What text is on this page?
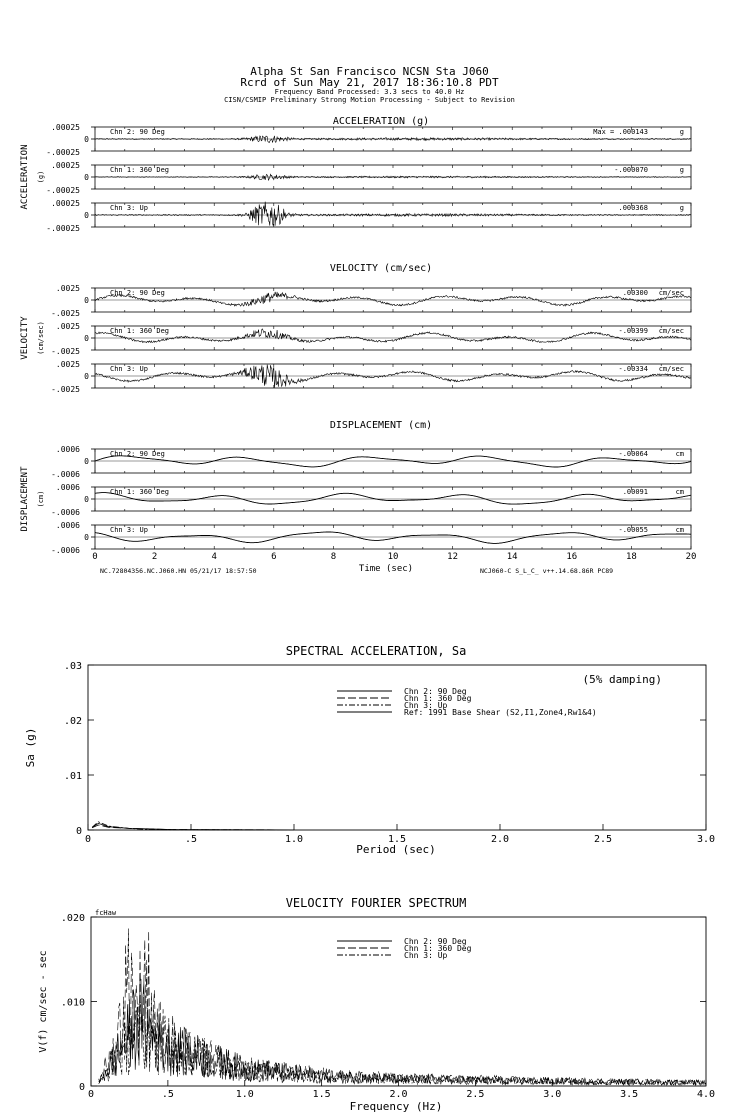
Alpha St San Francisco NCSN Sta J060
Rcrd of Sun May 21, 2017 18:36:10.8 PDT
Frequency Band Processed: 3.3 secs to 40.0 Hz
CISN/CSMIP Preliminary Strong Motion Processing - Subject to Revision
ACCELERATION (g)
ACCELERATION (g)
.00025
0
-.00025
Chn 2: 90 Deg	Max = .000143	g
.00025
0
-.00025
Chn 1: 360 Deg	-.000070	g
.00025
0
-.00025
Chn 3: Up	.000368	g
VELOCITY (cm/sec)
VELOCITY (cm/sec)
.0025
0
-.0025
Chn 2: 90 Deg	.00300 cm/sec
.0025
0
-.0025
Chn 1: 360 Deg	-.00399 cm/sec
.0025
0
-.0025
Chn 3: Up	-.00334 cm/sec
DISPLACEMENT (cm)
DISPLACEMENT (cm)
.0006
0
-.0006
Chn 2: 90 Deg	-.00064	cm
.0006
0
-.0006
Chn 1: 360 Deg	.00091	cm
.0006
0
-.0006
Chn 3: Up	-.00055	cm
0	2	4	6	8	10	12	14	16	18	20
Time (sec)
NC.72804356.NC.J060.HN 05/21/17 18:57:50	NCJ060-C S_L_C_ v++.14.68.86R PC89
SPECTRAL ACCELERATION, Sa
0	.5	1.0	1.5	2.0	2.5	3.0
0
.01
.02
.03
Period (sec)
Sa (g)
(5% damping)
Chn 2: 90 Deg
Chn 1: 360 Deg
Chn 3: Up
Ref: 1991 Base Shear (S2,I1,Zone4,Rw1&4)
VELOCITY FOURIER SPECTRUM
0	.5	1.0	1.5	2.0	2.5	3.0	3.5	4.0
0
.010
.020
Frequency (Hz)
V(f) cm/sec - sec
fcHaw
Chn 2: 90 Deg
Chn 1: 360 Deg
Chn 3: Up
